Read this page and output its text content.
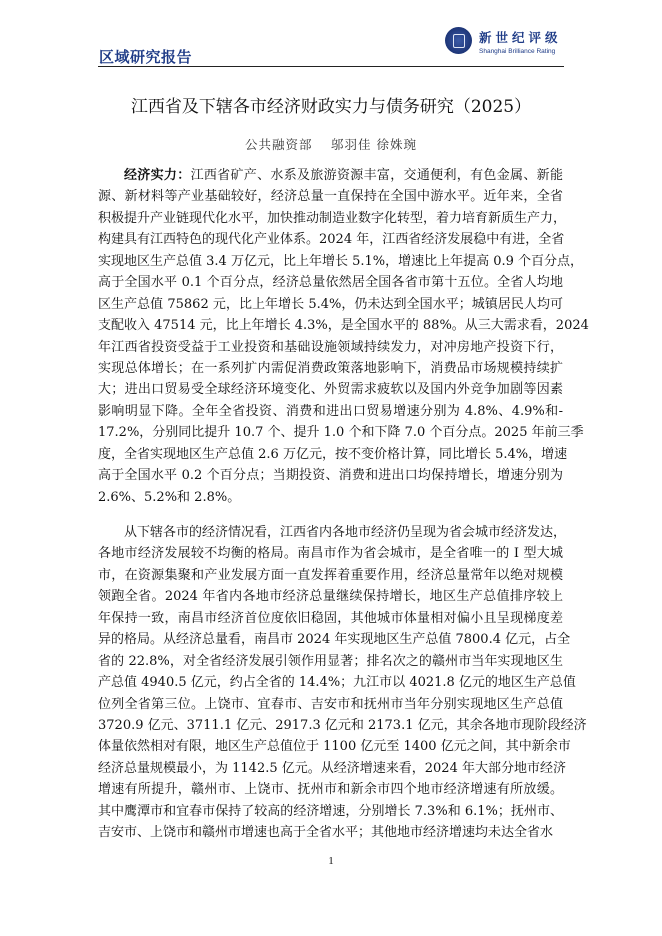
区域研究报告
新世纪评级
Shanghai Brilliance Rating
江西省及下辖各市经济财政实力与债务研究（2025）
公共融资部　 邬羽佳 徐姝琬
经济实力：江西省矿产、水系及旅游资源丰富，交通便利，有色金属、新能
源、新材料等产业基础较好，经济总量一直保持在全国中游水平。近年来，全省
积极提升产业链现代化水平，加快推动制造业数字化转型，着力培育新质生产力，
构建具有江西特色的现代化产业体系。2024 年，江西省经济发展稳中有进，全省
实现地区生产总值 3.4 万亿元，比上年增长 5.1%，增速比上年提高 0.9 个百分点，
高于全国水平 0.1 个百分点，经济总量依然居全国各省市第十五位。全省人均地
区生产总值 75862 元，比上年增长 5.4%，仍未达到全国水平；城镇居民人均可
支配收入 47514 元，比上年增长 4.3%，是全国水平的 88%。从三大需求看，2024
年江西省投资受益于工业投资和基础设施领域持续发力，对冲房地产投资下行，
实现总体增长；在一系列扩内需促消费政策落地影响下，消费品市场规模持续扩
大；进出口贸易受全球经济环境变化、外贸需求疲软以及国内外竞争加剧等因素
影响明显下降。全年全省投资、消费和进出口贸易增速分别为 4.8%、4.9%和-
17.2%，分别同比提升 10.7 个、提升 1.0 个和下降 7.0 个百分点。2025 年前三季
度，全省实现地区生产总值 2.6 万亿元，按不变价格计算，同比增长 5.4%，增速
高于全国水平 0.2 个百分点；当期投资、消费和进出口均保持增长，增速分别为
2.6%、5.2%和 2.8%。
从下辖各市的经济情况看，江西省内各地市经济仍呈现为省会城市经济发达，
各地市经济发展较不均衡的格局。南昌市作为省会城市，是全省唯一的 I 型大城
市，在资源集聚和产业发展方面一直发挥着重要作用，经济总量常年以绝对规模
领跑全省。2024 年省内各地市经济总量继续保持增长，地区生产总值排序较上
年保持一致，南昌市经济首位度依旧稳固，其他城市体量相对偏小且呈现梯度差
异的格局。从经济总量看，南昌市 2024 年实现地区生产总值 7800.4 亿元，占全
省的 22.8%，对全省经济发展引领作用显著；排名次之的赣州市当年实现地区生
产总值 4940.5 亿元，约占全省的 14.4%；九江市以 4021.8 亿元的地区生产总值
位列全省第三位。上饶市、宜春市、吉安市和抚州市当年分别实现地区生产总值
3720.9 亿元、3711.1 亿元、2917.3 亿元和 2173.1 亿元，其余各地市现阶段经济
体量依然相对有限，地区生产总值位于 1100 亿元至 1400 亿元之间，其中新余市
经济总量规模最小，为 1142.5 亿元。从经济增速来看，2024 年大部分地市经济
增速有所提升，赣州市、上饶市、抚州市和新余市四个地市经济增速有所放缓。
其中鹰潭市和宜春市保持了较高的经济增速，分别增长 7.3%和 6.1%；抚州市、
吉安市、上饶市和赣州市增速也高于全省水平；其他地市经济增速均未达全省水
1
